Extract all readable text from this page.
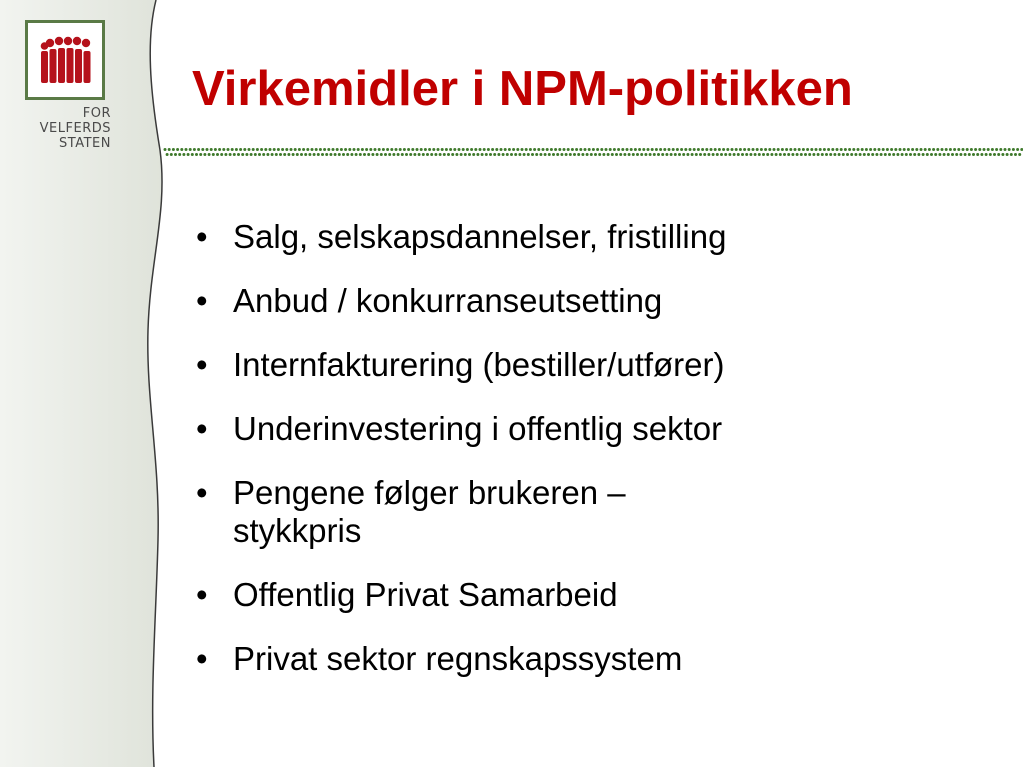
FOR
VELFERDS
STATEN
Virkemidler i NPM-politikken
• Salg, selskapsdannelser, fristilling
• Anbud / konkurranseutsetting
• Internfakturering (bestiller/utfører)
• Underinvestering i offentlig sektor
• Pengene følger brukeren – stykkpris
• Offentlig Privat Samarbeid
• Privat sektor regnskapssystem
